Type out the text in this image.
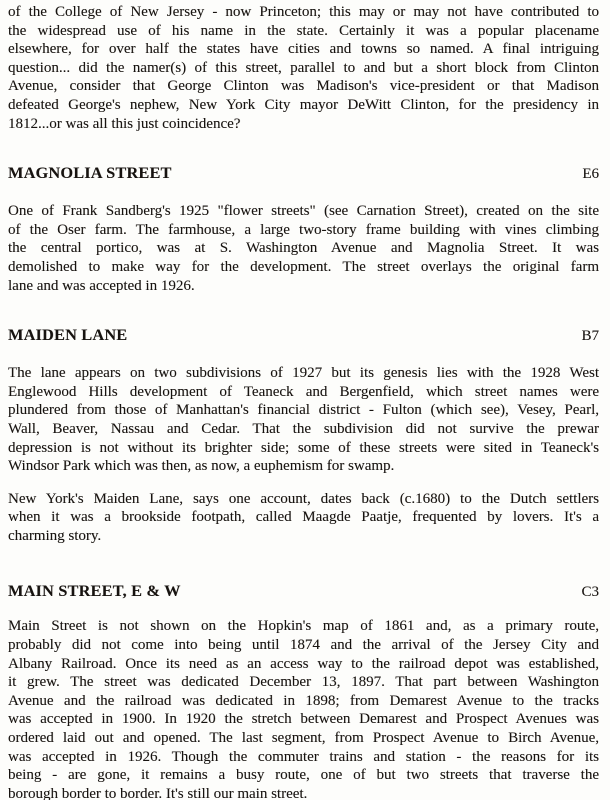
of the College of New Jersey - now Princeton; this may or may not have contributed to
the widespread use of his name in the state. Certainly it was a popular placename
elsewhere, for over half the states have cities and towns so named. A final intriguing
question... did the namer(s) of this street, parallel to and but a short block from Clinton
Avenue, consider that George Clinton was Madison's vice-president or that Madison
defeated George's nephew, New York City mayor DeWitt Clinton, for the presidency in
1812...or was all this just coincidence?
MAGNOLIA STREET	E6
One of Frank Sandberg's 1925 "flower streets" (see Carnation Street), created on the site
of the Oser farm. The farmhouse, a large two-story frame building with vines climbing
the central portico, was at S. Washington Avenue and Magnolia Street. It was
demolished to make way for the development. The street overlays the original farm
lane and was accepted in 1926.
MAIDEN LANE	B7
The lane appears on two subdivisions of 1927 but its genesis lies with the 1928 West
Englewood Hills development of Teaneck and Bergenfield, which street names were
plundered from those of Manhattan's financial district - Fulton (which see), Vesey, Pearl,
Wall, Beaver, Nassau and Cedar. That the subdivision did not survive the prewar
depression is not without its brighter side; some of these streets were sited in Teaneck's
Windsor Park which was then, as now, a euphemism for swamp.
New York's Maiden Lane, says one account, dates back (c.1680) to the Dutch settlers
when it was a brookside footpath, called Maagde Paatje, frequented by lovers. It's a
charming story.
MAIN STREET, E & W	C3
Main Street is not shown on the Hopkin's map of 1861 and, as a primary route,
probably did not come into being until 1874 and the arrival of the Jersey City and
Albany Railroad. Once its need as an access way to the railroad depot was established,
it grew. The street was dedicated December 13, 1897. That part between Washington
Avenue and the railroad was dedicated in 1898; from Demarest Avenue to the tracks
was accepted in 1900. In 1920 the stretch between Demarest and Prospect Avenues was
ordered laid out and opened. The last segment, from Prospect Avenue to Birch Avenue,
was accepted in 1926. Though the commuter trains and station - the reasons for its
being - are gone, it remains a busy route, one of but two streets that traverse the
borough border to border. It's still our main street.
